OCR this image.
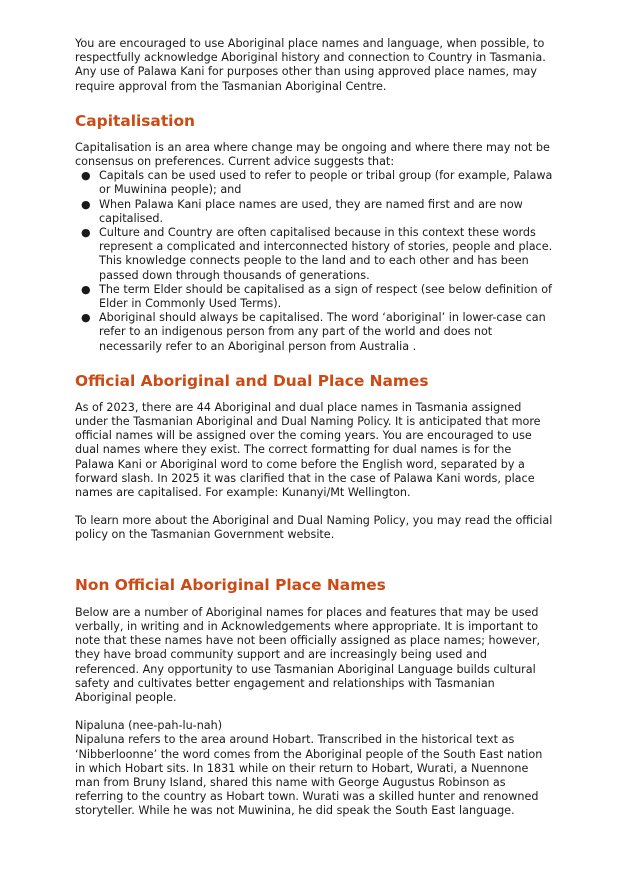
You are encouraged to use Aboriginal place names and language, when possible, to respectfully acknowledge Aboriginal history and connection to Country in Tasmania. Any use of Palawa Kani for purposes other than using approved place names, may require approval from the Tasmanian Aboriginal Centre.

Capitalisation

Capitalisation is an area where change may be ongoing and where there may not be consensus on preferences. Current advice suggests that:

● Capitals can be used used to refer to people or tribal group (for example, Palawa or Muwinina people); and
● When Palawa Kani place names are used, they are named first and are now capitalised.
● Culture and Country are often capitalised because in this context these words represent a complicated and interconnected history of stories, people and place. This knowledge connects people to the land and to each other and has been passed down through thousands of generations.
● The term Elder should be capitalised as a sign of respect (see below definition of Elder in Commonly Used Terms).
● Aboriginal should always be capitalised. The word ‘aboriginal’ in lower-case can refer to an indigenous person from any part of the world and does not necessarily refer to an Aboriginal person from Australia .
Official Aboriginal and Dual Place Names

As of 2023, there are 44 Aboriginal and dual place names in Tasmania assigned under the Tasmanian Aboriginal and Dual Naming Policy. It is anticipated that more official names will be assigned over the coming years. You are encouraged to use dual names where they exist. The correct formatting for dual names is for the Palawa Kani or Aboriginal word to come before the English word, separated by a forward slash. In 2025 it was clarified that in the case of Palawa Kani words, place names are capitalised. For example: Kunanyi/Mt Wellington.

To learn more about the Aboriginal and Dual Naming Policy, you may read the official policy on the Tasmanian Government website.

Non Official Aboriginal Place Names

Below are a number of Aboriginal names for places and features that may be used verbally, in writing and in Acknowledgements where appropriate. It is important to note that these names have not been officially assigned as place names; however, they have broad community support and are increasingly being used and referenced. Any opportunity to use Tasmanian Aboriginal Language builds cultural safety and cultivates better engagement and relationships with Tasmanian Aboriginal people.

Nipaluna (nee-pah-lu-nah)

Nipaluna refers to the area around Hobart. Transcribed in the historical text as ‘Nibberloonne’ the word comes from the Aboriginal people of the South East nation in which Hobart sits. In 1831 while on their return to Hobart, Wurati, a Nuennone man from Bruny Island, shared this name with George Augustus Robinson as referring to the country as Hobart town. Wurati was a skilled hunter and renowned storyteller. While he was not Muwinina, he did speak the South East language.
